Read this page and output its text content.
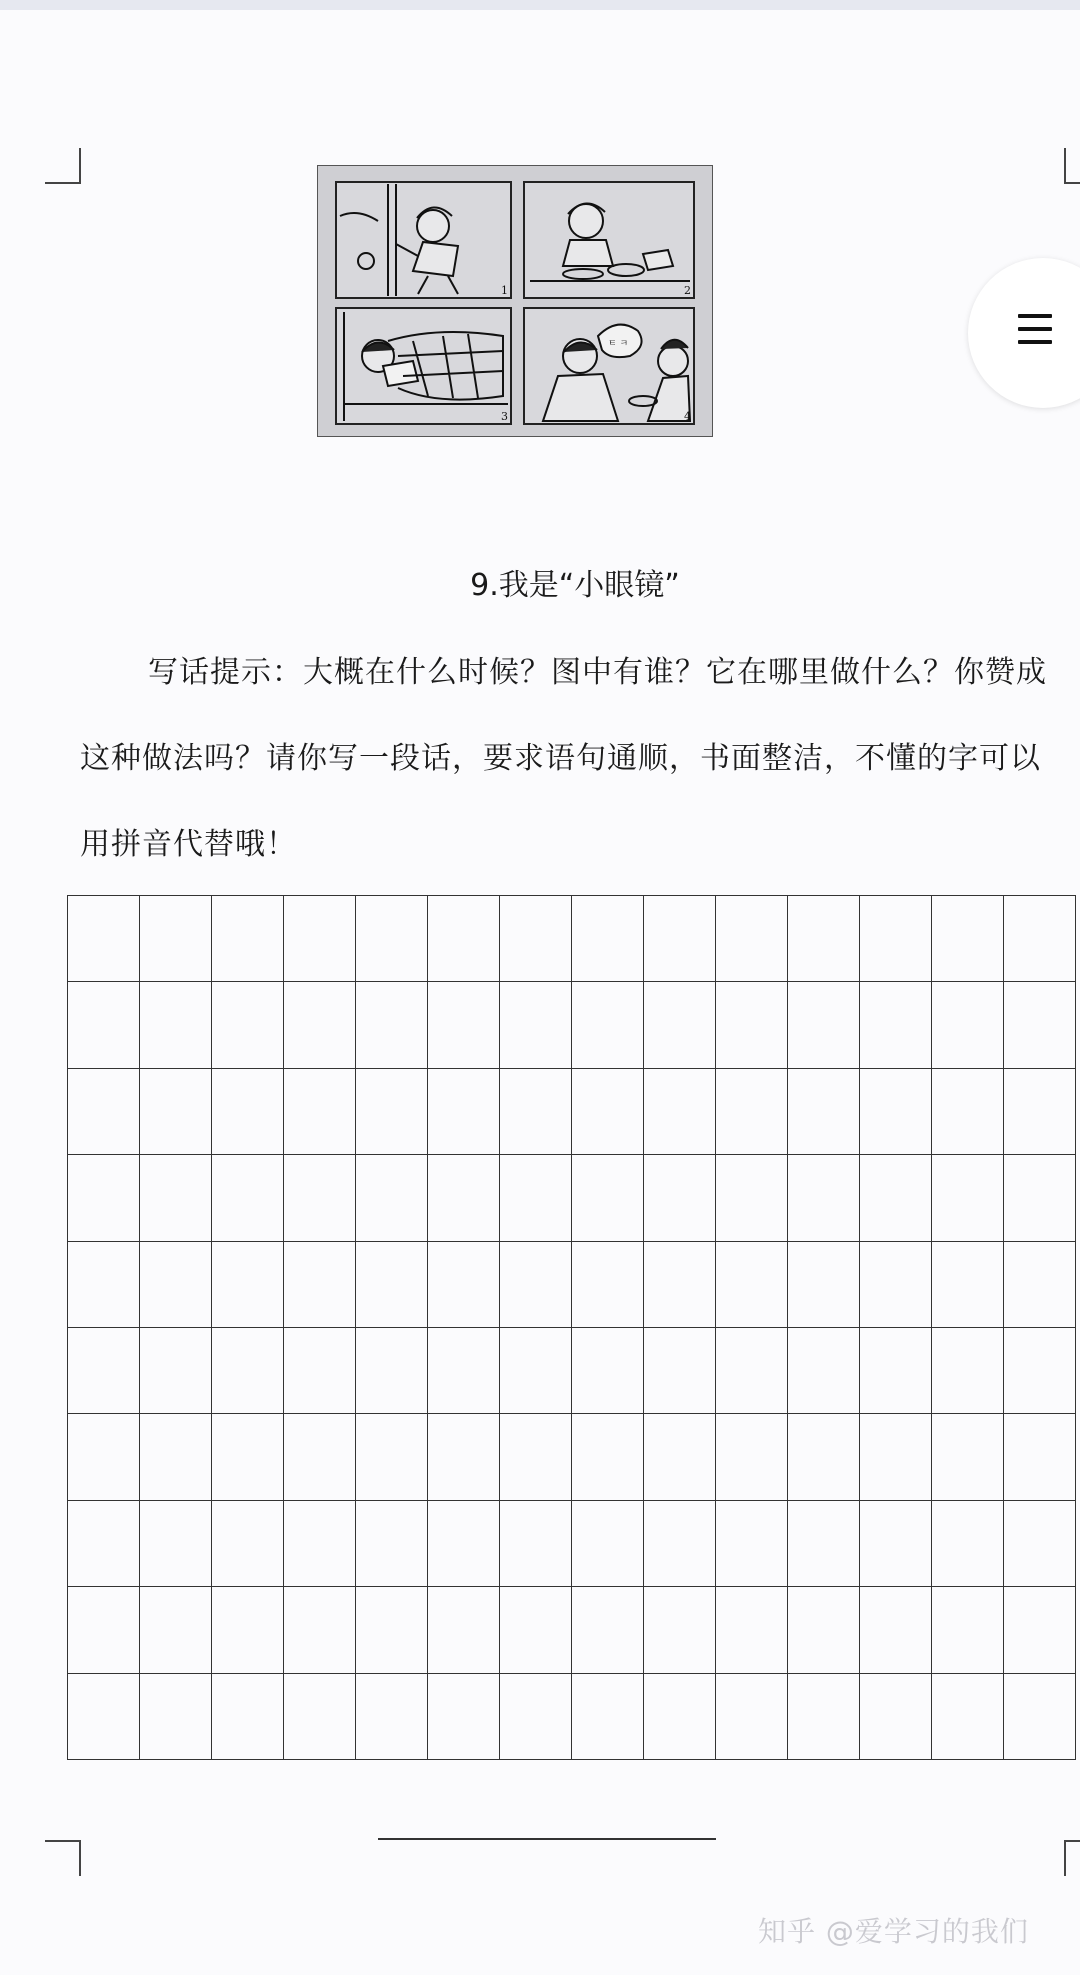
1	2
3	4
ㅌ ㅋ
9.我是“小眼镜”
写话提示：大概在什么时候？图中有谁？它在哪里做什么？你赞成这种做法吗？请你写一段话，要求语句通顺，书面整洁，不懂的字可以用拼音代替哦！
知乎 @爱学习的我们
